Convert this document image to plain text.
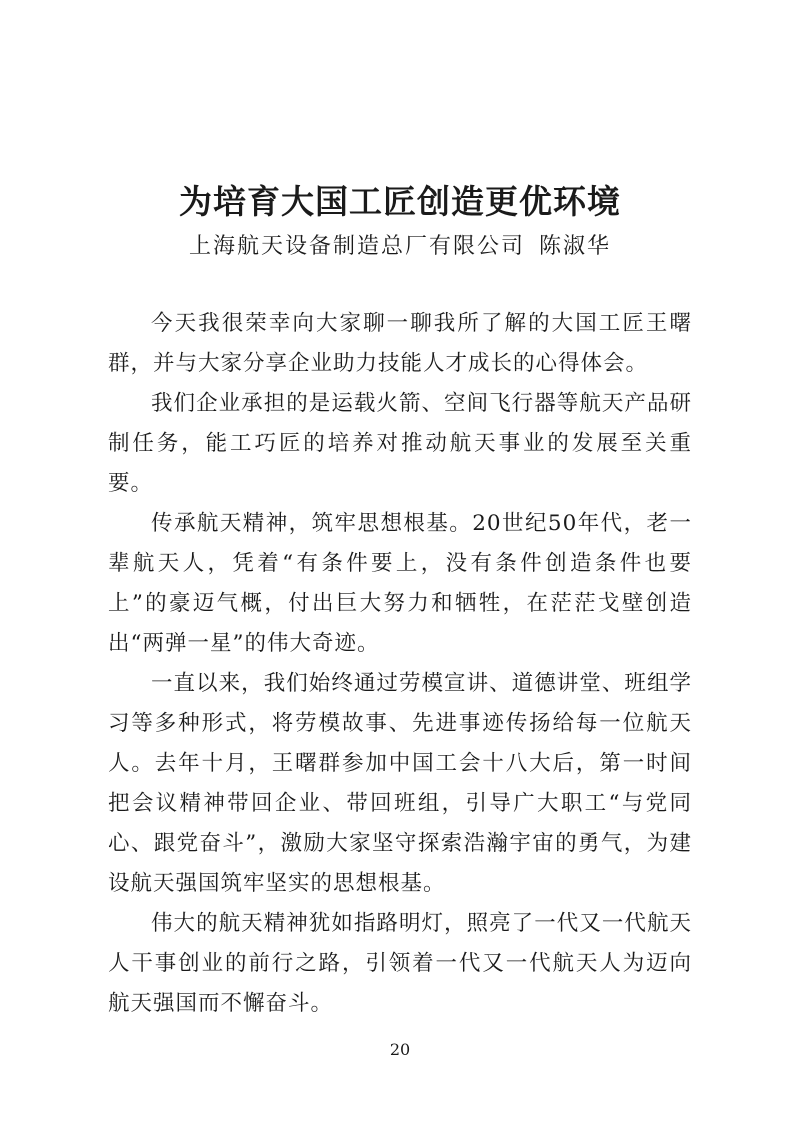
为培育大国工匠创造更优环境

上海航天设备制造总厂有限公司 陈淑华

今天我很荣幸向大家聊一聊我所了解的大国工匠王曙群，并与大家分享企业助力技能人才成长的心得体会。

我们企业承担的是运载火箭、空间飞行器等航天产品研制任务，能工巧匠的培养对推动航天事业的发展至关重要。

传承航天精神，筑牢思想根基。20世纪50年代，老一辈航天人，凭着“有条件要上，没有条件创造条件也要上”的豪迈气概，付出巨大努力和牺牲，在茫茫戈壁创造出“两弹一星”的伟大奇迹。

一直以来，我们始终通过劳模宣讲、道德讲堂、班组学习等多种形式，将劳模故事、先进事迹传扬给每一位航天人。去年十月，王曙群参加中国工会十八大后，第一时间把会议精神带回企业、带回班组，引导广大职工“与党同心、跟党奋斗”，激励大家坚守探索浩瀚宇宙的勇气，为建设航天强国筑牢坚实的思想根基。

伟大的航天精神犹如指路明灯，照亮了一代又一代航天人干事创业的前行之路，引领着一代又一代航天人为迈向航天强国而不懈奋斗。

20
